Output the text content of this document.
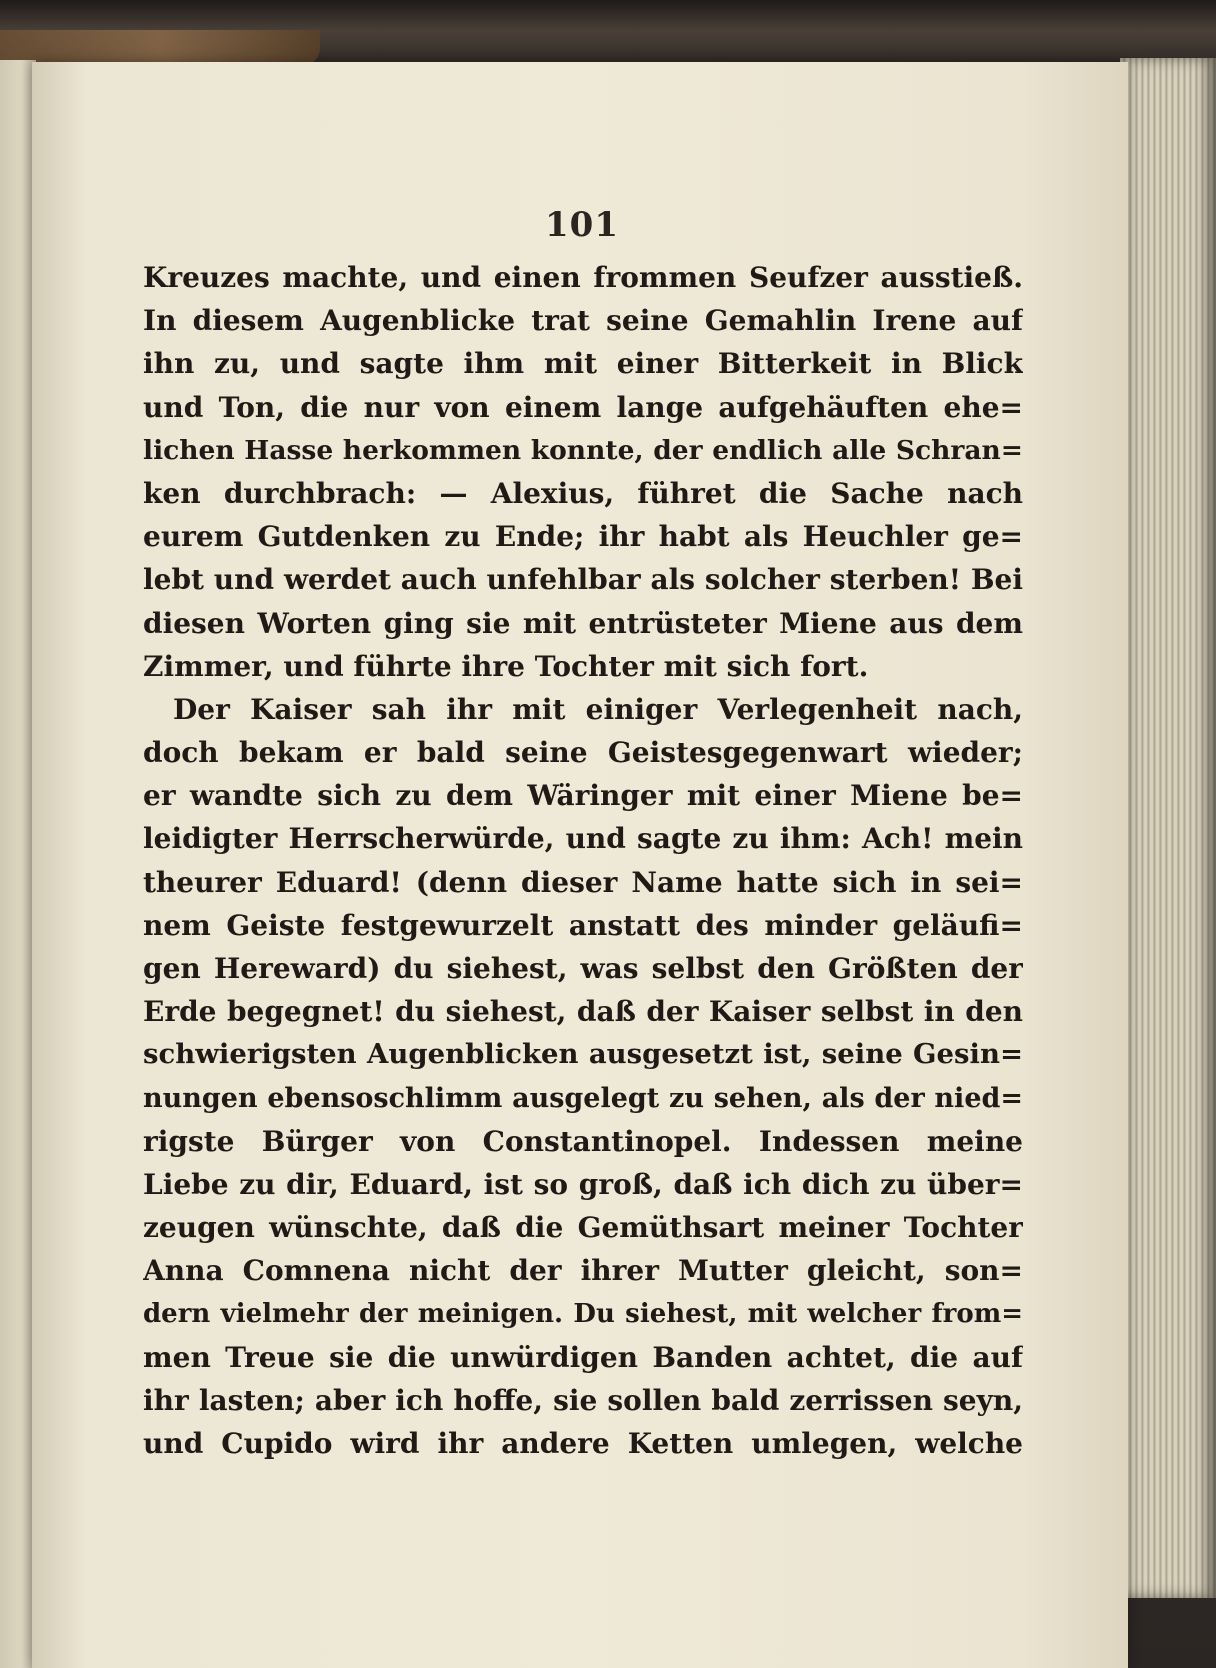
101
Kreuzes machte, und einen frommen Seufzer ausstieß.
In diesem Augenblicke trat seine Gemahlin Irene auf
ihn zu, und sagte ihm mit einer Bitterkeit in Blick
und Ton, die nur von einem lange aufgehäuften ehe=
lichen Hasse herkommen konnte, der endlich alle Schran=
ken durchbrach: — Alexius, führet die Sache nach
eurem Gutdenken zu Ende; ihr habt als Heuchler ge=
lebt und werdet auch unfehlbar als solcher sterben! Bei
diesen Worten ging sie mit entrüsteter Miene aus dem
Zimmer, und führte ihre Tochter mit sich fort.
Der Kaiser sah ihr mit einiger Verlegenheit nach,
doch bekam er bald seine Geistesgegenwart wieder;
er wandte sich zu dem Wäringer mit einer Miene be=
leidigter Herrscherwürde, und sagte zu ihm: Ach! mein
theurer Eduard! (denn dieser Name hatte sich in sei=
nem Geiste festgewurzelt anstatt des minder geläufi=
gen Hereward) du siehest, was selbst den Größten der
Erde begegnet! du siehest, daß der Kaiser selbst in den
schwierigsten Augenblicken ausgesetzt ist, seine Gesin=
nungen ebensoschlimm ausgelegt zu sehen, als der nied=
rigste Bürger von Constantinopel. Indessen meine
Liebe zu dir, Eduard, ist so groß, daß ich dich zu über=
zeugen wünschte, daß die Gemüthsart meiner Tochter
Anna Comnena nicht der ihrer Mutter gleicht, son=
dern vielmehr der meinigen. Du siehest, mit welcher from=
men Treue sie die unwürdigen Banden achtet, die auf
ihr lasten; aber ich hoffe, sie sollen bald zerrissen seyn,
und Cupido wird ihr andere Ketten umlegen, welche
